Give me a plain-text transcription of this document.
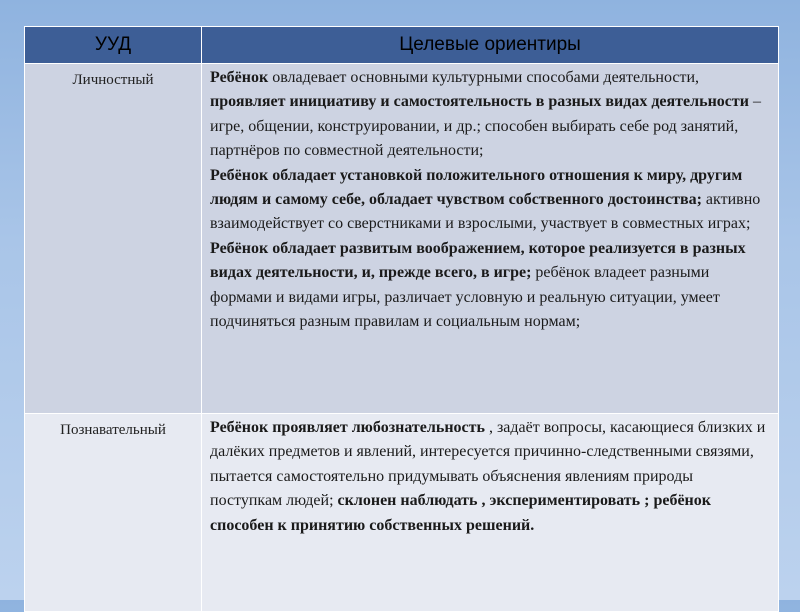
УУД	Целевые ориентиры
Личностный	Ребёнок овладевает основными культурными способами деятельности, проявляет инициативу и самостоятельность в разных видах деятельности –игре, общении, конструировании, и др.; способен выбирать себе род занятий, партнёров по совместной деятельности;
Ребёнок обладает установкой положительного отношения к миру, другим людям и самому себе, обладает чувством собственного достоинства; активно взаимодействует со сверстниками и взрослыми, участвует в совместных играх;
Ребёнок обладает развитым воображением, которое реализуется в разных видах деятельности, и, прежде всего, в игре; ребёнок владеет разными формами и видами игры, различает условную и реальную ситуации, умеет подчиняться разным правилам и социальным нормам;

Познавательный	Ребёнок проявляет любознательность , задаёт вопросы, касающиеся близких и далёких предметов и явлений, интересуется причинно-следственными связями, пытается самостоятельно придумывать объяснения явлениям природы поступкам людей; склонен наблюдать , экспериментировать ; ребёнок способен к принятию собственных решений.
